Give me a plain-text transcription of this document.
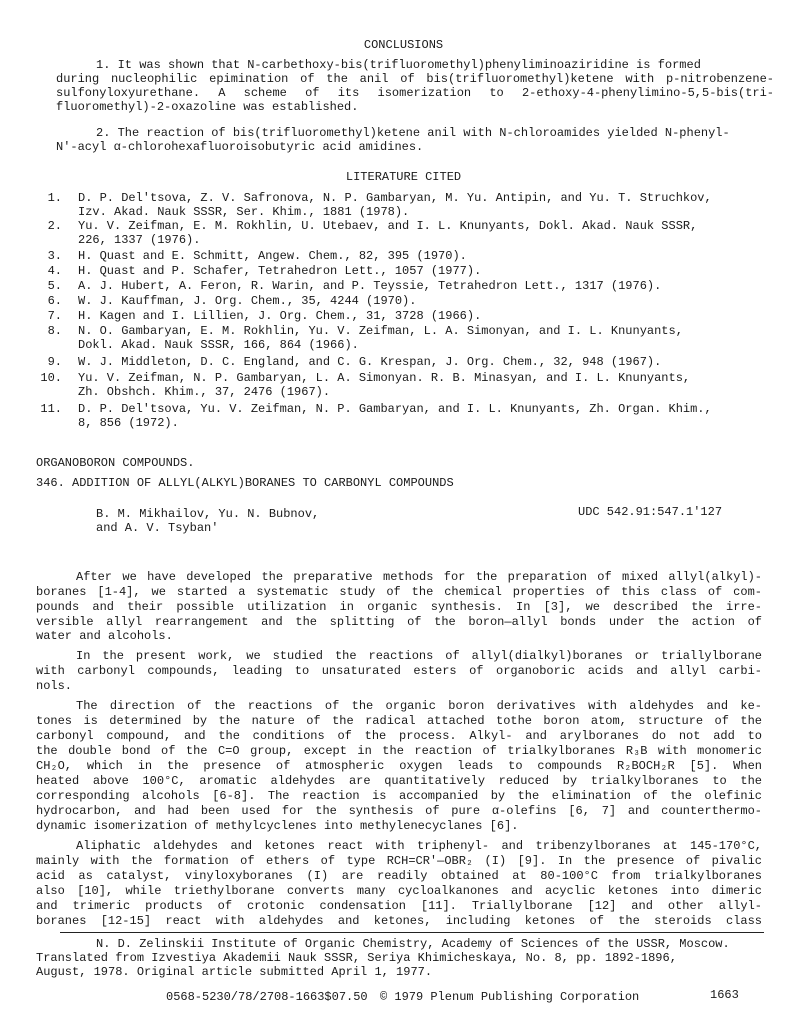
CONCLUSIONS
1. It was shown that N-carbethoxy-bis(trifluoromethyl)phenyliminoaziridine is formed
during nucleophilic epimination of the anil of bis(trifluoromethyl)ketene with p-nitrobenzene-
sulfonyloxyurethane. A scheme of its isomerization to 2-ethoxy-4-phenylimino-5,5-bis(tri-
fluoromethyl)-2-oxazoline was established.
2. The reaction of bis(trifluoromethyl)ketene anil with N-chloroamides yielded N-phenyl-
N'-acyl α-chlorohexafluoroisobutyric acid amidines.
LITERATURE CITED
1. D. P. Del'tsova, Z. V. Safronova, N. P. Gambaryan, M. Yu. Antipin, and Yu. T. Struchkov,
Izv. Akad. Nauk SSSR, Ser. Khim., 1881 (1978).
2. Yu. V. Zeifman, E. M. Rokhlin, U. Utebaev, and I. L. Knunyants, Dokl. Akad. Nauk SSSR,
226, 1337 (1976).
3. H. Quast and E. Schmitt, Angew. Chem., 82, 395 (1970).
4. H. Quast and P. Schafer, Tetrahedron Lett., 1057 (1977).
5. A. J. Hubert, A. Feron, R. Warin, and P. Teyssie, Tetrahedron Lett., 1317 (1976).
6. W. J. Kauffman, J. Org. Chem., 35, 4244 (1970).
7. H. Kagen and I. Lillien, J. Org. Chem., 31, 3728 (1966).
8. N. O. Gambaryan, E. M. Rokhlin, Yu. V. Zeifman, L. A. Simonyan, and I. L. Knunyants,
Dokl. Akad. Nauk SSSR, 166, 864 (1966).
9. W. J. Middleton, D. C. England, and C. G. Krespan, J. Org. Chem., 32, 948 (1967).
10. Yu. V. Zeifman, N. P. Gambaryan, L. A. Simonyan. R. B. Minasyan, and I. L. Knunyants,
Zh. Obshch. Khim., 37, 2476 (1967).
11. D. P. Del'tsova, Yu. V. Zeifman, N. P. Gambaryan, and I. L. Knunyants, Zh. Organ. Khim.,
8, 856 (1972).
ORGANOBORON COMPOUNDS.
346. ADDITION OF ALLYL(ALKYL)BORANES TO CARBONYL COMPOUNDS
B. M. Mikhailov, Yu. N. Bubnov,
and A. V. Tsyban'
UDC 542.91:547.1'127
After we have developed the preparative methods for the preparation of mixed allyl(alkyl)-
boranes [1-4], we started a systematic study of the chemical properties of this class of com-
pounds and their possible utilization in organic synthesis. In [3], we described the irre-
versible allyl rearrangement and the splitting of the boron—allyl bonds under the action of
water and alcohols.
In the present work, we studied the reactions of allyl(dialkyl)boranes or triallylborane
with carbonyl compounds, leading to unsaturated esters of organoboric acids and allyl carbi-
nols.
The direction of the reactions of the organic boron derivatives with aldehydes and ke-
tones is determined by the nature of the radical attached tothe boron atom, structure of the
carbonyl compound, and the conditions of the process. Alkyl- and arylboranes do not add to
the double bond of the C=O group, except in the reaction of trialkylboranes R₃B with monomeric
CH₂O, which in the presence of atmospheric oxygen leads to compounds R₂BOCH₂R [5]. When
heated above 100°C, aromatic aldehydes are quantitatively reduced by trialkylboranes to the
corresponding alcohols [6-8]. The reaction is accompanied by the elimination of the olefinic
hydrocarbon, and had been used for the synthesis of pure α-olefins [6, 7] and counterthermo-
dynamic isomerization of methylcyclenes into methylenecyclanes [6].
Aliphatic aldehydes and ketones react with triphenyl- and tribenzylboranes at 145-170°C,
mainly with the formation of ethers of type RCH=CR'—OBR₂ (I) [9]. In the presence of pivalic
acid as catalyst, vinyloxyboranes (I) are readily obtained at 80-100°C from trialkylboranes
also [10], while triethylborane converts many cycloalkanones and acyclic ketones into dimeric
and trimeric products of crotonic condensation [11]. Triallylborane [12] and other allyl-
boranes [12-15] react with aldehydes and ketones, including ketones of the steroids class
N. D. Zelinskii Institute of Organic Chemistry, Academy of Sciences of the USSR, Moscow.
Translated from Izvestiya Akademii Nauk SSSR, Seriya Khimicheskaya, No. 8, pp. 1892-1896,
August, 1978. Original article submitted April 1, 1977.
0568-5230/78/2708-1663$07.50 © 1979 Plenum Publishing Corporation	1663
